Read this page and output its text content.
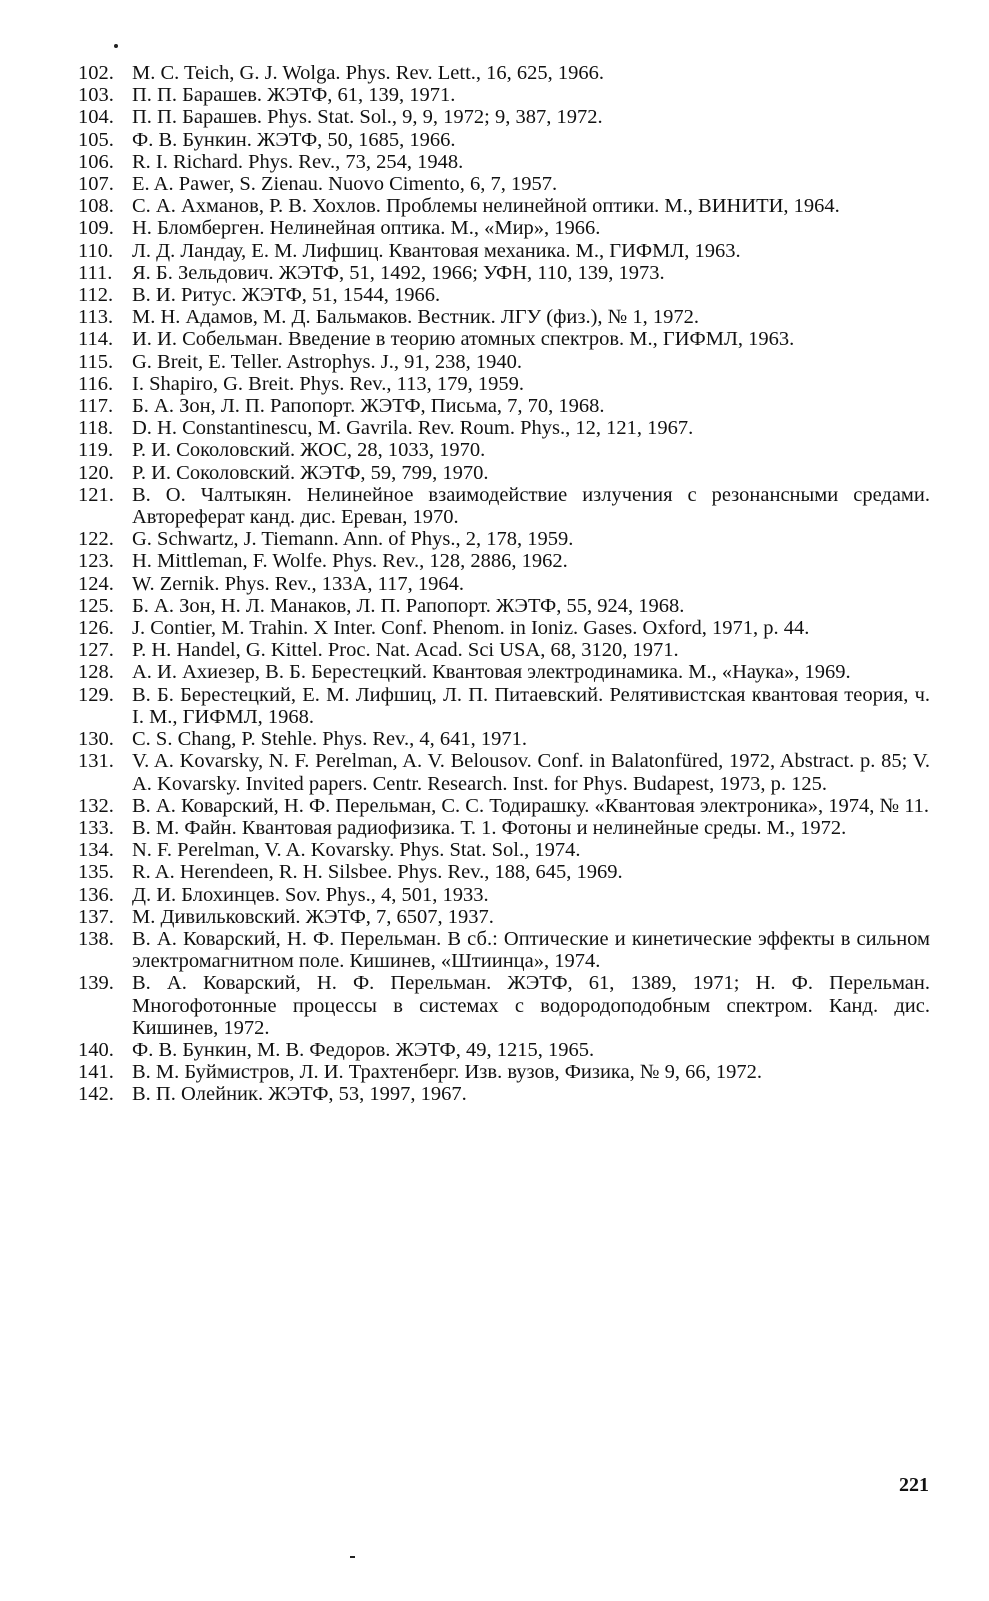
102. M. C. Teich, G. J. Wolga. Phys. Rev. Lett., 16, 625, 1966.
103. П. П. Барашев. ЖЭТФ, 61, 139, 1971.
104. П. П. Барашев. Phys. Stat. Sol., 9, 9, 1972; 9, 387, 1972.
105. Ф. В. Бункин. ЖЭТФ, 50, 1685, 1966.
106. R. I. Richard. Phys. Rev., 73, 254, 1948.
107. E. A. Pawer, S. Zienau. Nuovo Cimento, 6, 7, 1957.
108. С. А. Ахманов, Р. В. Хохлов. Проблемы нелинейной оптики. М., ВИНИТИ, 1964.
109. Н. Бломберген. Нелинейная оптика. М., «Мир», 1966.
110. Л. Д. Ландау, Е. М. Лифшиц. Квантовая механика. М., ГИФМЛ, 1963.
111. Я. Б. Зельдович. ЖЭТФ, 51, 1492, 1966; УФН, 110, 139, 1973.
112. В. И. Ритус. ЖЭТФ, 51, 1544, 1966.
113. М. Н. Адамов, М. Д. Бальмаков. Вестник. ЛГУ (физ.), № 1, 1972.
114. И. И. Собельман. Введение в теорию атомных спектров. М., ГИФМЛ, 1963.
115. G. Breit, E. Teller. Astrophys. J., 91, 238, 1940.
116. I. Shapiro, G. Breit. Phys. Rev., 113, 179, 1959.
117. Б. А. Зон, Л. П. Рапопорт. ЖЭТФ, Письма, 7, 70, 1968.
118. D. H. Constantinescu, M. Gavrila. Rev. Roum. Phys., 12, 121, 1967.
119. Р. И. Соколовский. ЖОС, 28, 1033, 1970.
120. Р. И. Соколовский. ЖЭТФ, 59, 799, 1970.
121. В. О. Чалтыкян. Нелинейное взаимодействие излучения с резонансными средами. Автореферат канд. дис. Ереван, 1970.
122. G. Schwartz, J. Tiemann. Ann. of Phys., 2, 178, 1959.
123. H. Mittleman, F. Wolfe. Phys. Rev., 128, 2886, 1962.
124. W. Zernik. Phys. Rev., 133A, 117, 1964.
125. Б. А. Зон, Н. Л. Манаков, Л. П. Рапопорт. ЖЭТФ, 55, 924, 1968.
126. J. Contier, M. Trahin. X Inter. Conf. Phenom. in Ioniz. Gases. Oxford, 1971, p. 44.
127. P. H. Handel, G. Kittel. Proc. Nat. Acad. Sci USA, 68, 3120, 1971.
128. А. И. Ахиезер, В. Б. Берестецкий. Квантовая электродинамика. М., «Наука», 1969.
129. В. Б. Берестецкий, Е. М. Лифшиц, Л. П. Питаевский. Релятивистская квантовая теория, ч. I. М., ГИФМЛ, 1968.
130. C. S. Chang, P. Stehle. Phys. Rev., 4, 641, 1971.
131. V. A. Kovarsky, N. F. Perelman, A. V. Belousov. Conf. in Balatonfüred, 1972, Abstract. p. 85; V. A. Kovarsky. Invited papers. Centr. Research. Inst. for Phys. Budapest, 1973, p. 125.
132. В. А. Коварский, Н. Ф. Перельман, С. С. Тодирашку. «Квантовая электроника», 1974, № 11.
133. В. М. Файн. Квантовая радиофизика. Т. 1. Фотоны и нелинейные среды. М., 1972.
134. N. F. Perelman, V. A. Kovarsky. Phys. Stat. Sol., 1974.
135. R. A. Herendeen, R. H. Silsbee. Phys. Rev., 188, 645, 1969.
136. Д. И. Блохинцев. Sov. Phys., 4, 501, 1933.
137. М. Дивильковский. ЖЭТФ, 7, 6507, 1937.
138. В. А. Коварский, Н. Ф. Перельман. В сб.: Оптические и кинетические эффекты в сильном электромагнитном поле. Кишинев, «Штиинца», 1974.
139. В. А. Коварский, Н. Ф. Перельман. ЖЭТФ, 61, 1389, 1971; Н. Ф. Перельман. Многофотонные процессы в системах с водородоподобным спектром. Канд. дис. Кишинев, 1972.
140. Ф. В. Бункин, М. В. Федоров. ЖЭТФ, 49, 1215, 1965.
141. В. М. Буймистров, Л. И. Трахтенберг. Изв. вузов, Физика, № 9, 66, 1972.
142. В. П. Олейник. ЖЭТФ, 53, 1997, 1967.
221
